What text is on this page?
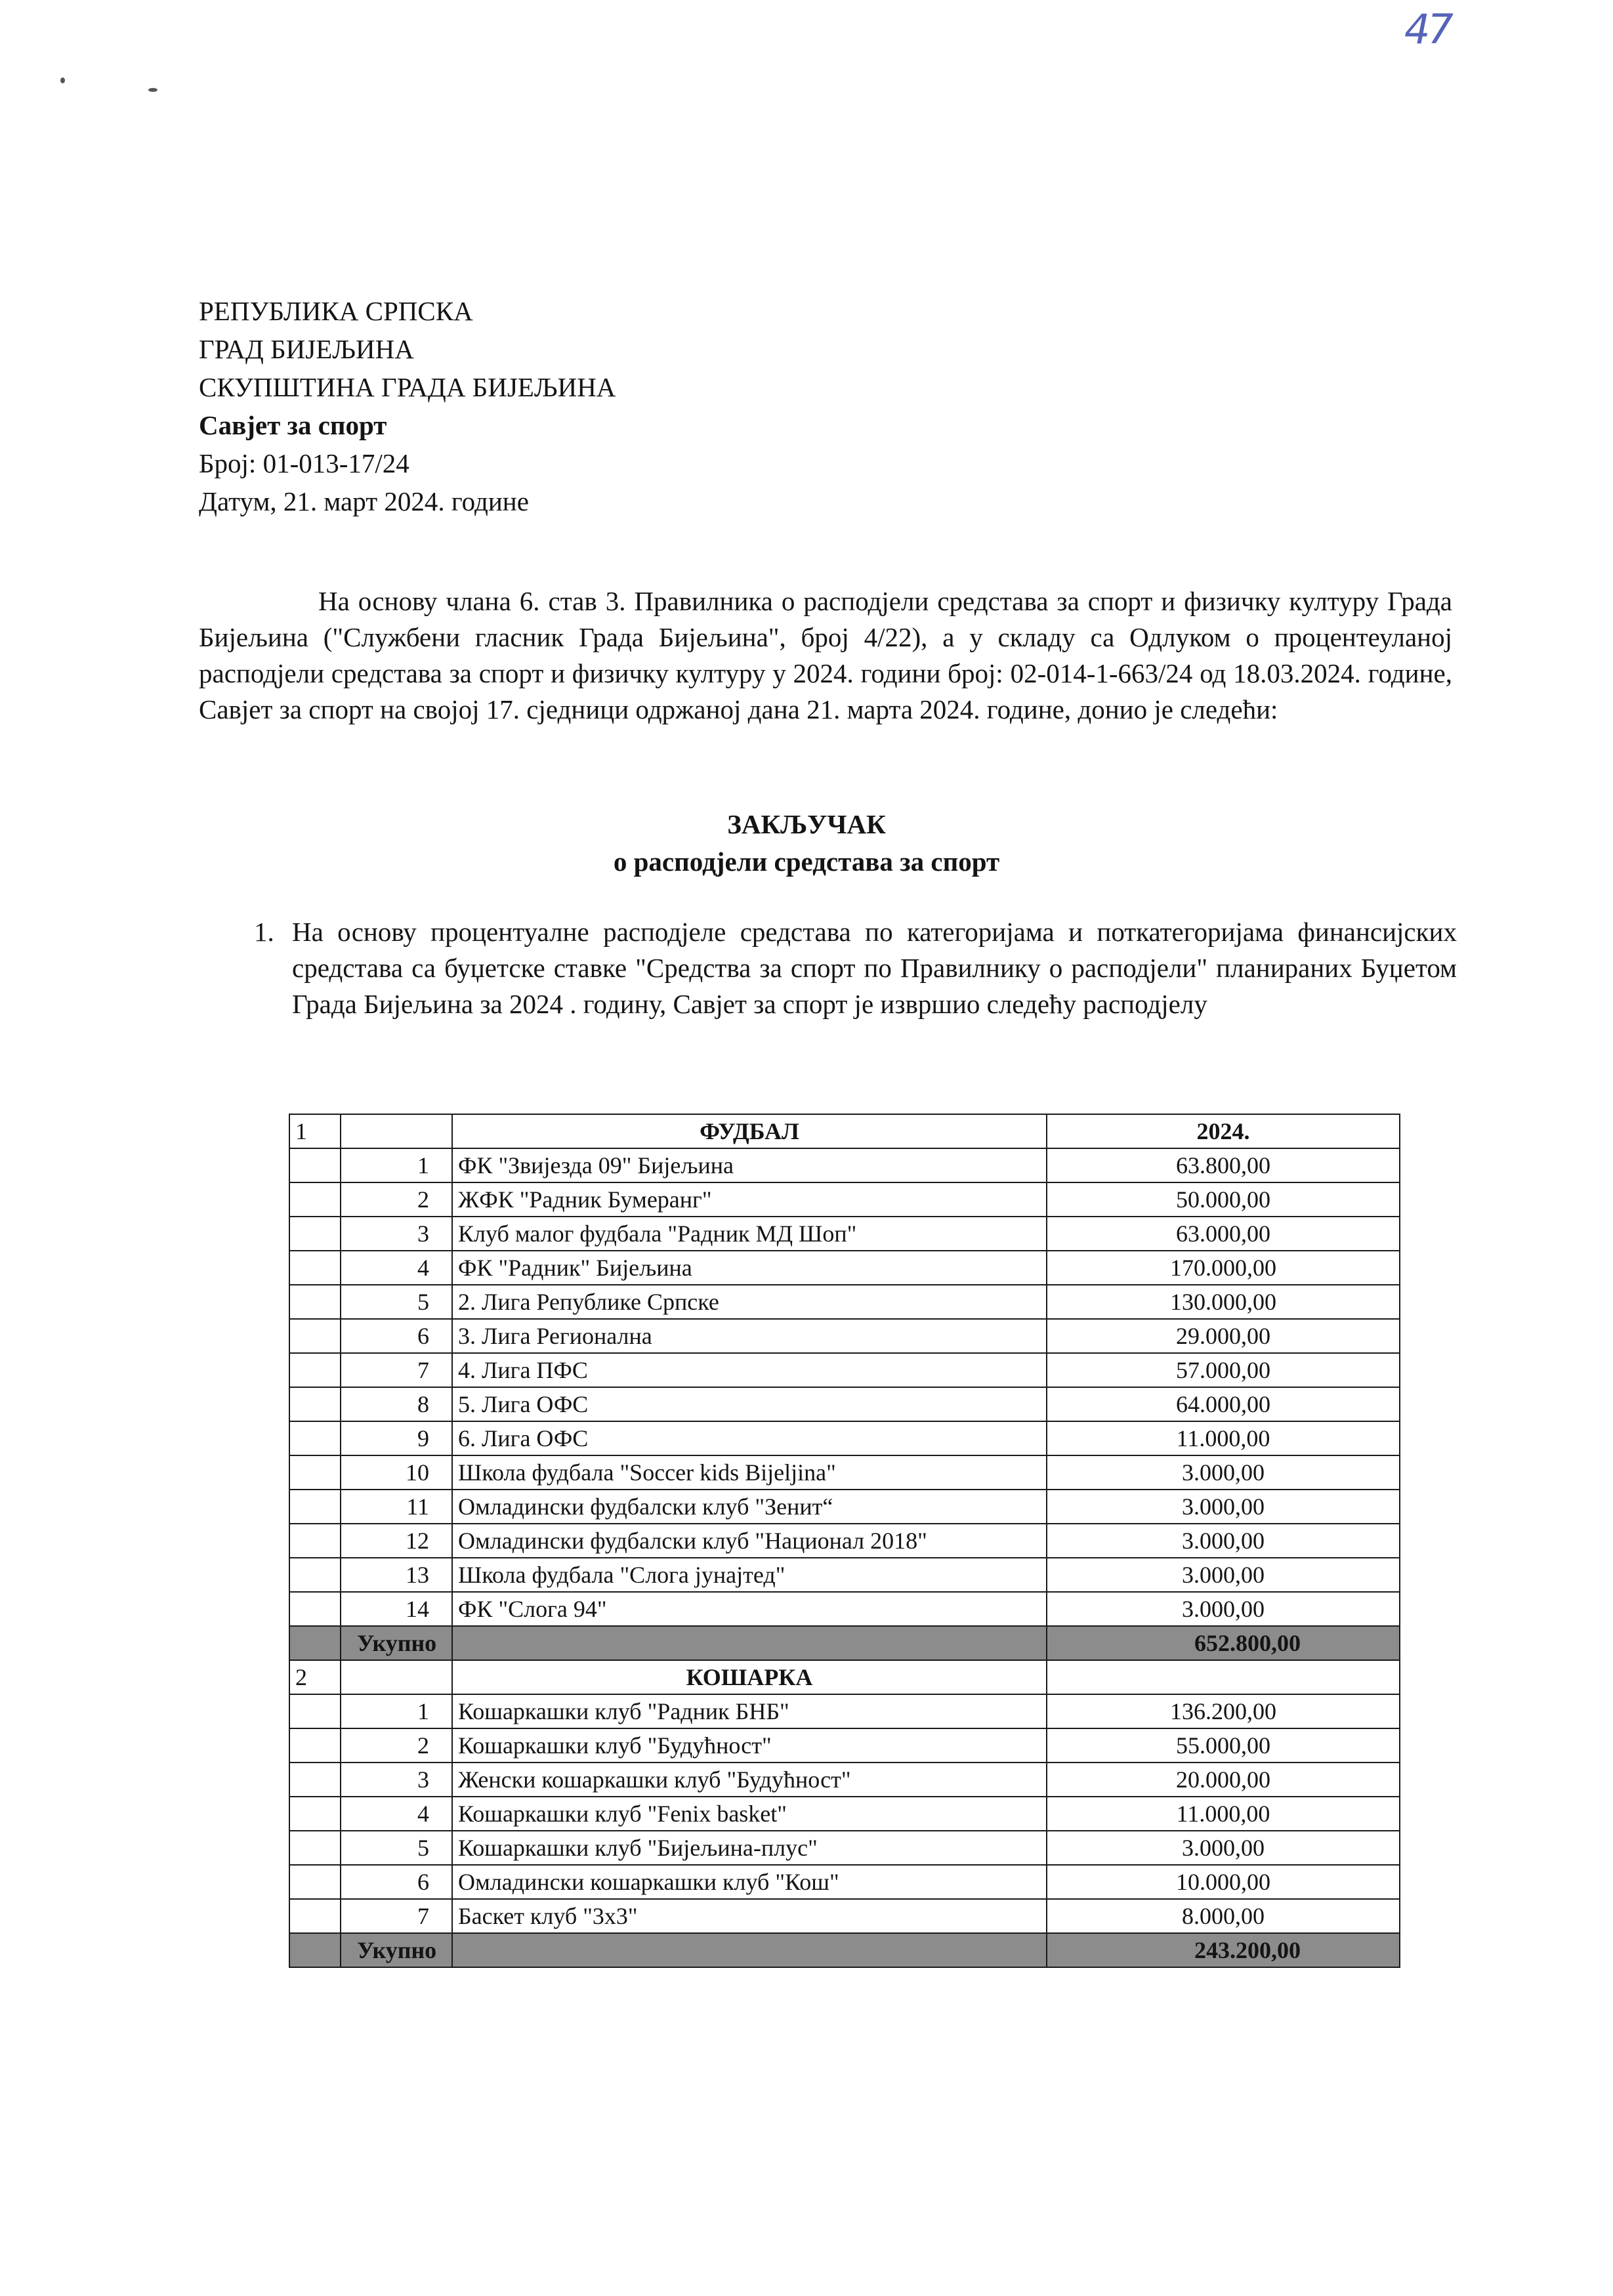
47
РЕПУБЛИКА СРПСКА
ГРАД БИЈЕЉИНА
СКУПШТИНА ГРАДА БИЈЕЉИНА
Савјет за спорт
Број: 01-013-17/24
Датум, 21. март 2024. године
На основу члана 6. став 3. Правилника о расподјели средстава за спорт и физичку културу Града Бијељина ("Службени гласник Града Бијељина", број 4/22), а у складу са Одлуком о процентеуланој расподјели средстава за спорт и физичку културу у 2024. години број: 02-014-1-663/24 од 18.03.2024. године, Савјет за спорт на својој 17. сједници одржаној дана 21. марта 2024. године, донио је следећи:
ЗАКЉУЧАК
о расподјели средстава за спорт
1. На основу процентуалне расподјеле средстава по категоријама и поткатегоријама финансијских средстава са буџетске ставке "Средства за спорт по Правилнику о расподјели" планираних Буџетом Града Бијељина за 2024 . годину, Савјет за спорт је извршио следећу расподјелу
1		ФУДБАЛ	2024.
	1	ФК "Звијезда 09" Бијељина	63.800,00
	2	ЖФК "Радник Бумеранг"	50.000,00
	3	Клуб малог фудбала "Радник МД Шоп"	63.000,00
	4	ФК "Радник" Бијељина	170.000,00
	5	2. Лига Републике Српске	130.000,00
	6	3. Лига Регионална	29.000,00
	7	4. Лига ПФС	57.000,00
	8	5. Лига ОФС	64.000,00
	9	6. Лига ОФС	11.000,00
	10	Школа фудбала "Soccer kids Bijeljina"	3.000,00
	11	Омладински фудбалски клуб "Зенит“	3.000,00
	12	Омладински фудбалски клуб "Национал 2018"	3.000,00
	13	Школа фудбала "Слога јунајтед"	3.000,00
	14	ФК "Слога 94"	3.000,00
	Укупно		652.800,00
2		КОШАРКА	
	1	Кошаркашки клуб "Радник БНБ"	136.200,00
	2	Кошаркашки клуб "Будућност"	55.000,00
	3	Женски кошаркашки клуб "Будућност"	20.000,00
	4	Кошаркашки клуб "Fenix basket"	11.000,00
	5	Кошаркашки клуб "Бијељина-плус"	3.000,00
	6	Омладински кошаркашки клуб "Кош"	10.000,00
	7	Баскет клуб "3x3"	8.000,00
	Укупно		243.200,00
